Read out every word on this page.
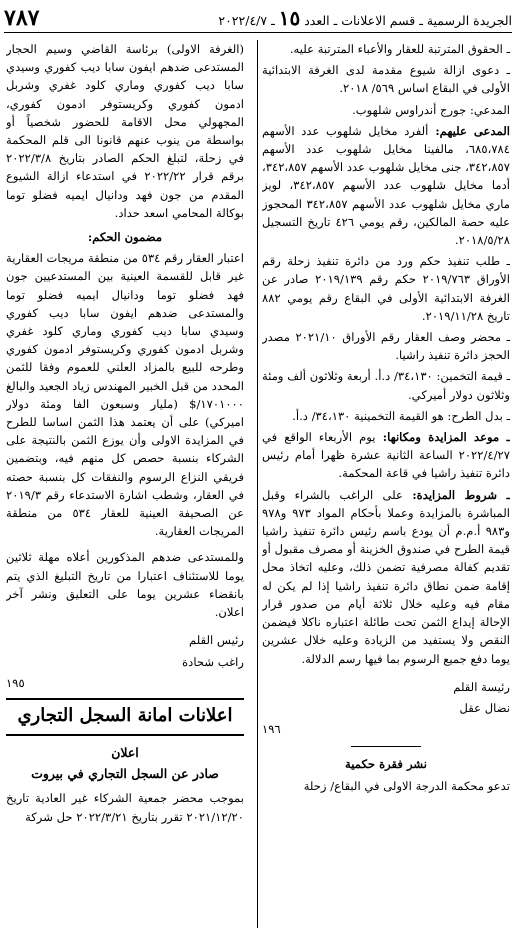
الجريدة الرسمية ـ قسم الاعلانات ـ العدد ١٥ ـ ٢٠٢٢/٤/٧
٧٨٧

ـ الحقوق المترتبة للعقار والأعباء المترتبة عليه.

ـ دعوى ازالة شيوع مقدمة لدى الغرفة الابتدائية الأولى في البقاع اساس ٥٦٩/ ٢٠١٨.

المدعي: جورج أندراوس شلهوب.

المدعى عليهم: ألفرد مخايل شلهوب عدد الأسهم ٦٨٥،٧٨٤، مالفينا مخايل شلهوب عدد الأسهم ٣٤٢،٨٥٧، جنى مخايل شلهوب عدد الأسهم ٣٤٢،٨٥٧، أدما مخايل شلهوب عدد الأسهم ٣٤٢،٨٥٧، لويز ماري مخايل شلهوب عدد الأسهم ٣٤٢،٨٥٧ المحجوز عليه حصة المالكين، رقم يومي ٤٢٦ تاريخ التسجيل ٢٠١٨/٥/٢٨.

ـ طلب تنفيذ حكم ورد من دائرة تنفيذ زحلة رقم الأوراق ٢٠١٩/٧٦٣ حكم رقم ٢٠١٩/١٣٩ صادر عن الغرفة الابتدائية الأولى في البقاع رقم يومي ٨٨٢ تاريخ ٢٠١٩/١١/٢٨.

ـ محضر وصف العقار رقم الأوراق ٢٠٢١/١٠ مصدر الحجز دائرة تنفيذ راشيا.

ـ قيمة التخمين: ٣٤،١٣٠/ د.أ. أربعة وثلاثون ألف ومئة وثلاثون دولار أميركي.

ـ بدل الطرح: هو القيمة التخمينية ٣٤،١٣٠/ د.أ.

ـ موعد المزايدة ومكانها: يوم الأربعاء الواقع في ٢٠٢٢/٤/٢٧ الساعة الثانية عشرة ظهرا أمام رئيس دائرة تنفيذ راشيا في قاعة المحكمة.

ـ شروط المزايدة: على الراغب بالشراء وقبل المباشرة بالمزايدة وعملا بأحكام المواد ٩٧٣ و٩٧٨ و٩٨٣ أ.م.م أن يودع باسم رئيس دائرة تنفيذ راشيا قيمة الطرح في صندوق الخزينة أو مصرف مقبول أو تقديم كفالة مصرفية تضمن ذلك، وعليه اتخاذ محل إقامة ضمن نطاق دائرة تنفيذ راشيا إذا لم يكن له مقام فيه وعليه خلال ثلاثة أيام من صدور قرار الإحالة إيداع الثمن تحت طائلة اعتباره ناكلا فيضمن النقص ولا يستفيد من الزيادة وعليه خلال عشرين يوما دفع جميع الرسوم بما فيها رسم الدلالة.

رئيسة القلم

نضال عقل

١٩٦

نشر فقرة حكمية

تدعو محكمة الدرجة الاولى في البقاع/ زحلة

(الغرفة الاولى) برئاسة القاضي وسيم الحجار المستدعى ضدهم ايفون سابا ديب كفوري وسيدي سابا ديب كفوري وماري كلود غفري وشربل ادمون كفوري وكريستوفر ادمون كفوري، المجهولي محل الاقامة للحضور شخصياً أو بواسطة من ينوب عنهم قانونا الى قلم المحكمة في زحلة، لتبلغ الحكم الصادر بتاريخ ٢٠٢٢/٣/٨ برقم قرار ٢٠٢٢/٢٢ في استدعاء ازالة الشيوع المقدم من جون فهد ودانيال ايميه فضلو توما بوكالة المحامي اسعد حداد.

مضمون الحكم:

اعتبار العقار رقم ٥٣٤ من منطقة مريجات العقارية غير قابل للقسمة العينية بين المستدعيين جون فهد فضلو توما ودانيال ايميه فضلو توما والمستدعى ضدهم ايفون سابا ديب كفوري وسيدي سابا ديب كفوري وماري كلود غفري وشربل ادمون كفوري وكريستوفر ادمون كفوري وطرحه للبيع بالمزاد العلني للعموم وفقا للثمن المحدد من قبل الخبير المهندس زياد الجعيد والبالغ ١٧٠١٠٠٠/$ (مليار وسبعون الفا ومئة دولار اميركي) على أن يعتمد هذا الثمن اساسا للطرح في المزايدة الاولى وأن يوزع الثمن بالنتيجة على الشركاء بنسبة حصص كل منهم فيه، وبتضمين فريقي النزاع الرسوم والنفقات كل بنسبة حصته في العقار، وشطب اشارة الاستدعاء رقم ٢٠١٩/٣ عن الصحيفة العينية للعقار ٥٣٤ من منطقة المريجات العقارية.

وللمستدعى ضدهم المذكورين أعلاه مهلة ثلاثين يوما للاستئناف اعتبارا من تاريخ التبليغ الذي يتم بانقضاء عشرين يوما على التعليق ونشر آخر اعلان.

رئيس القلم

راغب شحادة

١٩٥

اعلانات امانة السجل التجاري

اعلان

صادر عن السجل التجاري في بيروت

بموجب محضر جمعية الشركاء غير العادية تاريخ ٢٠٢١/١٢/٢٠ تقرر بتاريخ ٢٠٢٢/٣/٢١ حل شركة
